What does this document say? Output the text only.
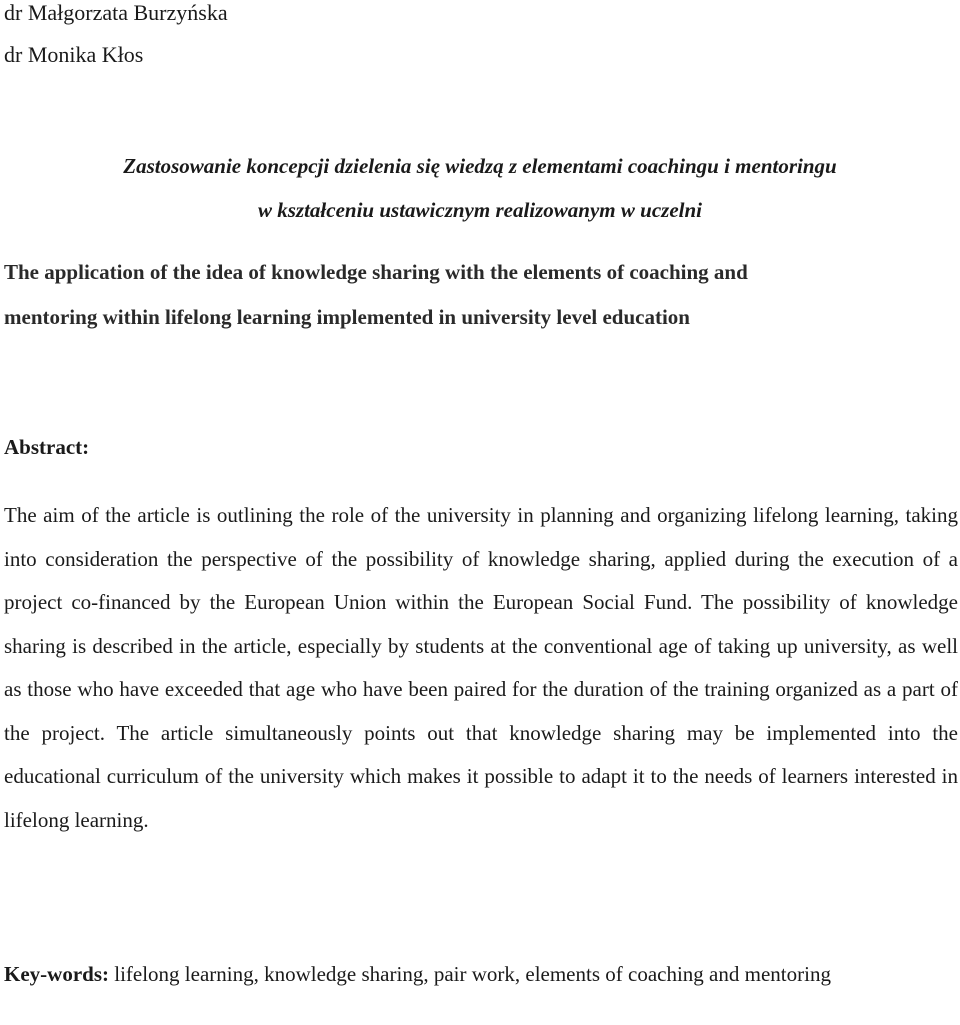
dr Małgorzata Burzyńska
dr Monika Kłos
Zastosowanie koncepcji dzielenia się wiedzą z elementami coachingu i mentoringu
w kształceniu ustawicznym realizowanym w uczelni
The application of the idea of knowledge sharing with the elements of coaching and
mentoring within lifelong learning implemented in university level education
Abstract:

The aim of the article is outlining the role of the university in planning and organizing lifelong learning, taking into consideration the perspective of the possibility of knowledge sharing, applied during the execution of a project co-financed by the European Union within the European Social Fund. The possibility of knowledge sharing is described in the article, especially by students at the conventional age of taking up university, as well as those who have exceeded that age who have been paired for the duration of the training organized as a part of the project. The article simultaneously points out that knowledge sharing may be implemented into the educational curriculum of the university which makes it possible to adapt it to the needs of learners interested in lifelong learning.

Key-words: lifelong learning, knowledge sharing, pair work, elements of coaching and mentoring
